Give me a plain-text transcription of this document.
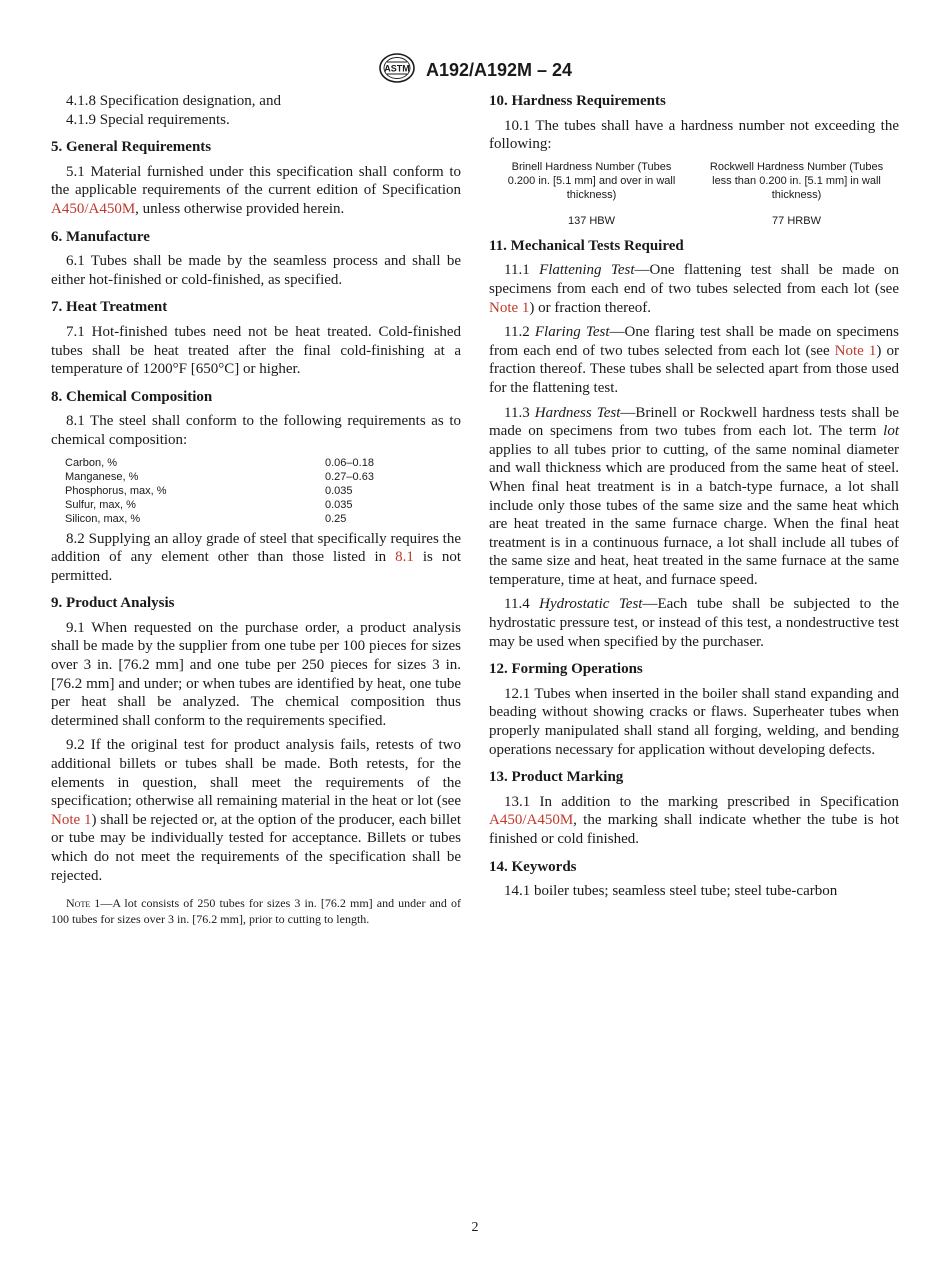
ASTM A192/A192M – 24

4.1.8 Specification designation, and

4.1.9 Special requirements.

5. General Requirements

5.1 Material furnished under this specification shall conform to the applicable requirements of the current edition of Specification A450/A450M, unless otherwise provided herein.

6. Manufacture

6.1 Tubes shall be made by the seamless process and shall be either hot-finished or cold-finished, as specified.

7. Heat Treatment

7.1 Hot-finished tubes need not be heat treated. Cold-finished tubes shall be heat treated after the final cold-finishing at a temperature of 1200°F [650°C] or higher.

8. Chemical Composition

8.1 The steel shall conform to the following requirements as to chemical composition:

Carbon, %	0.06–0.18
Manganese, %	0.27–0.63
Phosphorus, max, %	0.035
Sulfur, max, %	0.035
Silicon, max, %	0.25

8.2 Supplying an alloy grade of steel that specifically requires the addition of any element other than those listed in 8.1 is not permitted.

9. Product Analysis

9.1 When requested on the purchase order, a product analysis shall be made by the supplier from one tube per 100 pieces for sizes over 3 in. [76.2 mm] and one tube per 250 pieces for sizes 3 in. [76.2 mm] and under; or when tubes are identified by heat, one tube per heat shall be analyzed. The chemical composition thus determined shall conform to the requirements specified.

9.2 If the original test for product analysis fails, retests of two additional billets or tubes shall be made. Both retests, for the elements in question, shall meet the requirements of the specification; otherwise all remaining material in the heat or lot (see Note 1) shall be rejected or, at the option of the producer, each billet or tube may be individually tested for acceptance. Billets or tubes which do not meet the requirements of the specification shall be rejected.

Note 1—A lot consists of 250 tubes for sizes 3 in. [76.2 mm] and under and of 100 tubes for sizes over 3 in. [76.2 mm], prior to cutting to length.

10. Hardness Requirements

10.1 The tubes shall have a hardness number not exceeding the following:

Brinell Hardness Number (Tubes 0.200 in. [5.1 mm] and over in wall thickness)	Rockwell Hardness Number (Tubes less than 0.200 in. [5.1 mm] in wall thickness)
137 HBW	77 HRBW
11. Mechanical Tests Required

11.1 Flattening Test—One flattening test shall be made on specimens from each end of two tubes selected from each lot (see Note 1) or fraction thereof.

11.2 Flaring Test—One flaring test shall be made on specimens from each end of two tubes selected from each lot (see Note 1) or fraction thereof. These tubes shall be selected apart from those used for the flattening test.

11.3 Hardness Test—Brinell or Rockwell hardness tests shall be made on specimens from two tubes from each lot. The term lot applies to all tubes prior to cutting, of the same nominal diameter and wall thickness which are produced from the same heat of steel. When final heat treatment is in a batch-type furnace, a lot shall include only those tubes of the same size and the same heat which are heat treated in the same furnace charge. When the final heat treatment is in a continuous furnace, a lot shall include all tubes of the same size and heat, heat treated in the same furnace at the same temperature, time at heat, and furnace speed.

11.4 Hydrostatic Test—Each tube shall be subjected to the hydrostatic pressure test, or instead of this test, a nondestructive test may be used when specified by the purchaser.

12. Forming Operations

12.1 Tubes when inserted in the boiler shall stand expanding and beading without showing cracks or flaws. Superheater tubes when properly manipulated shall stand all forging, welding, and bending operations necessary for application without developing defects.

13. Product Marking

13.1 In addition to the marking prescribed in Specification A450/A450M, the marking shall indicate whether the tube is hot finished or cold finished.

14. Keywords

14.1 boiler tubes; seamless steel tube; steel tube-carbon

2
